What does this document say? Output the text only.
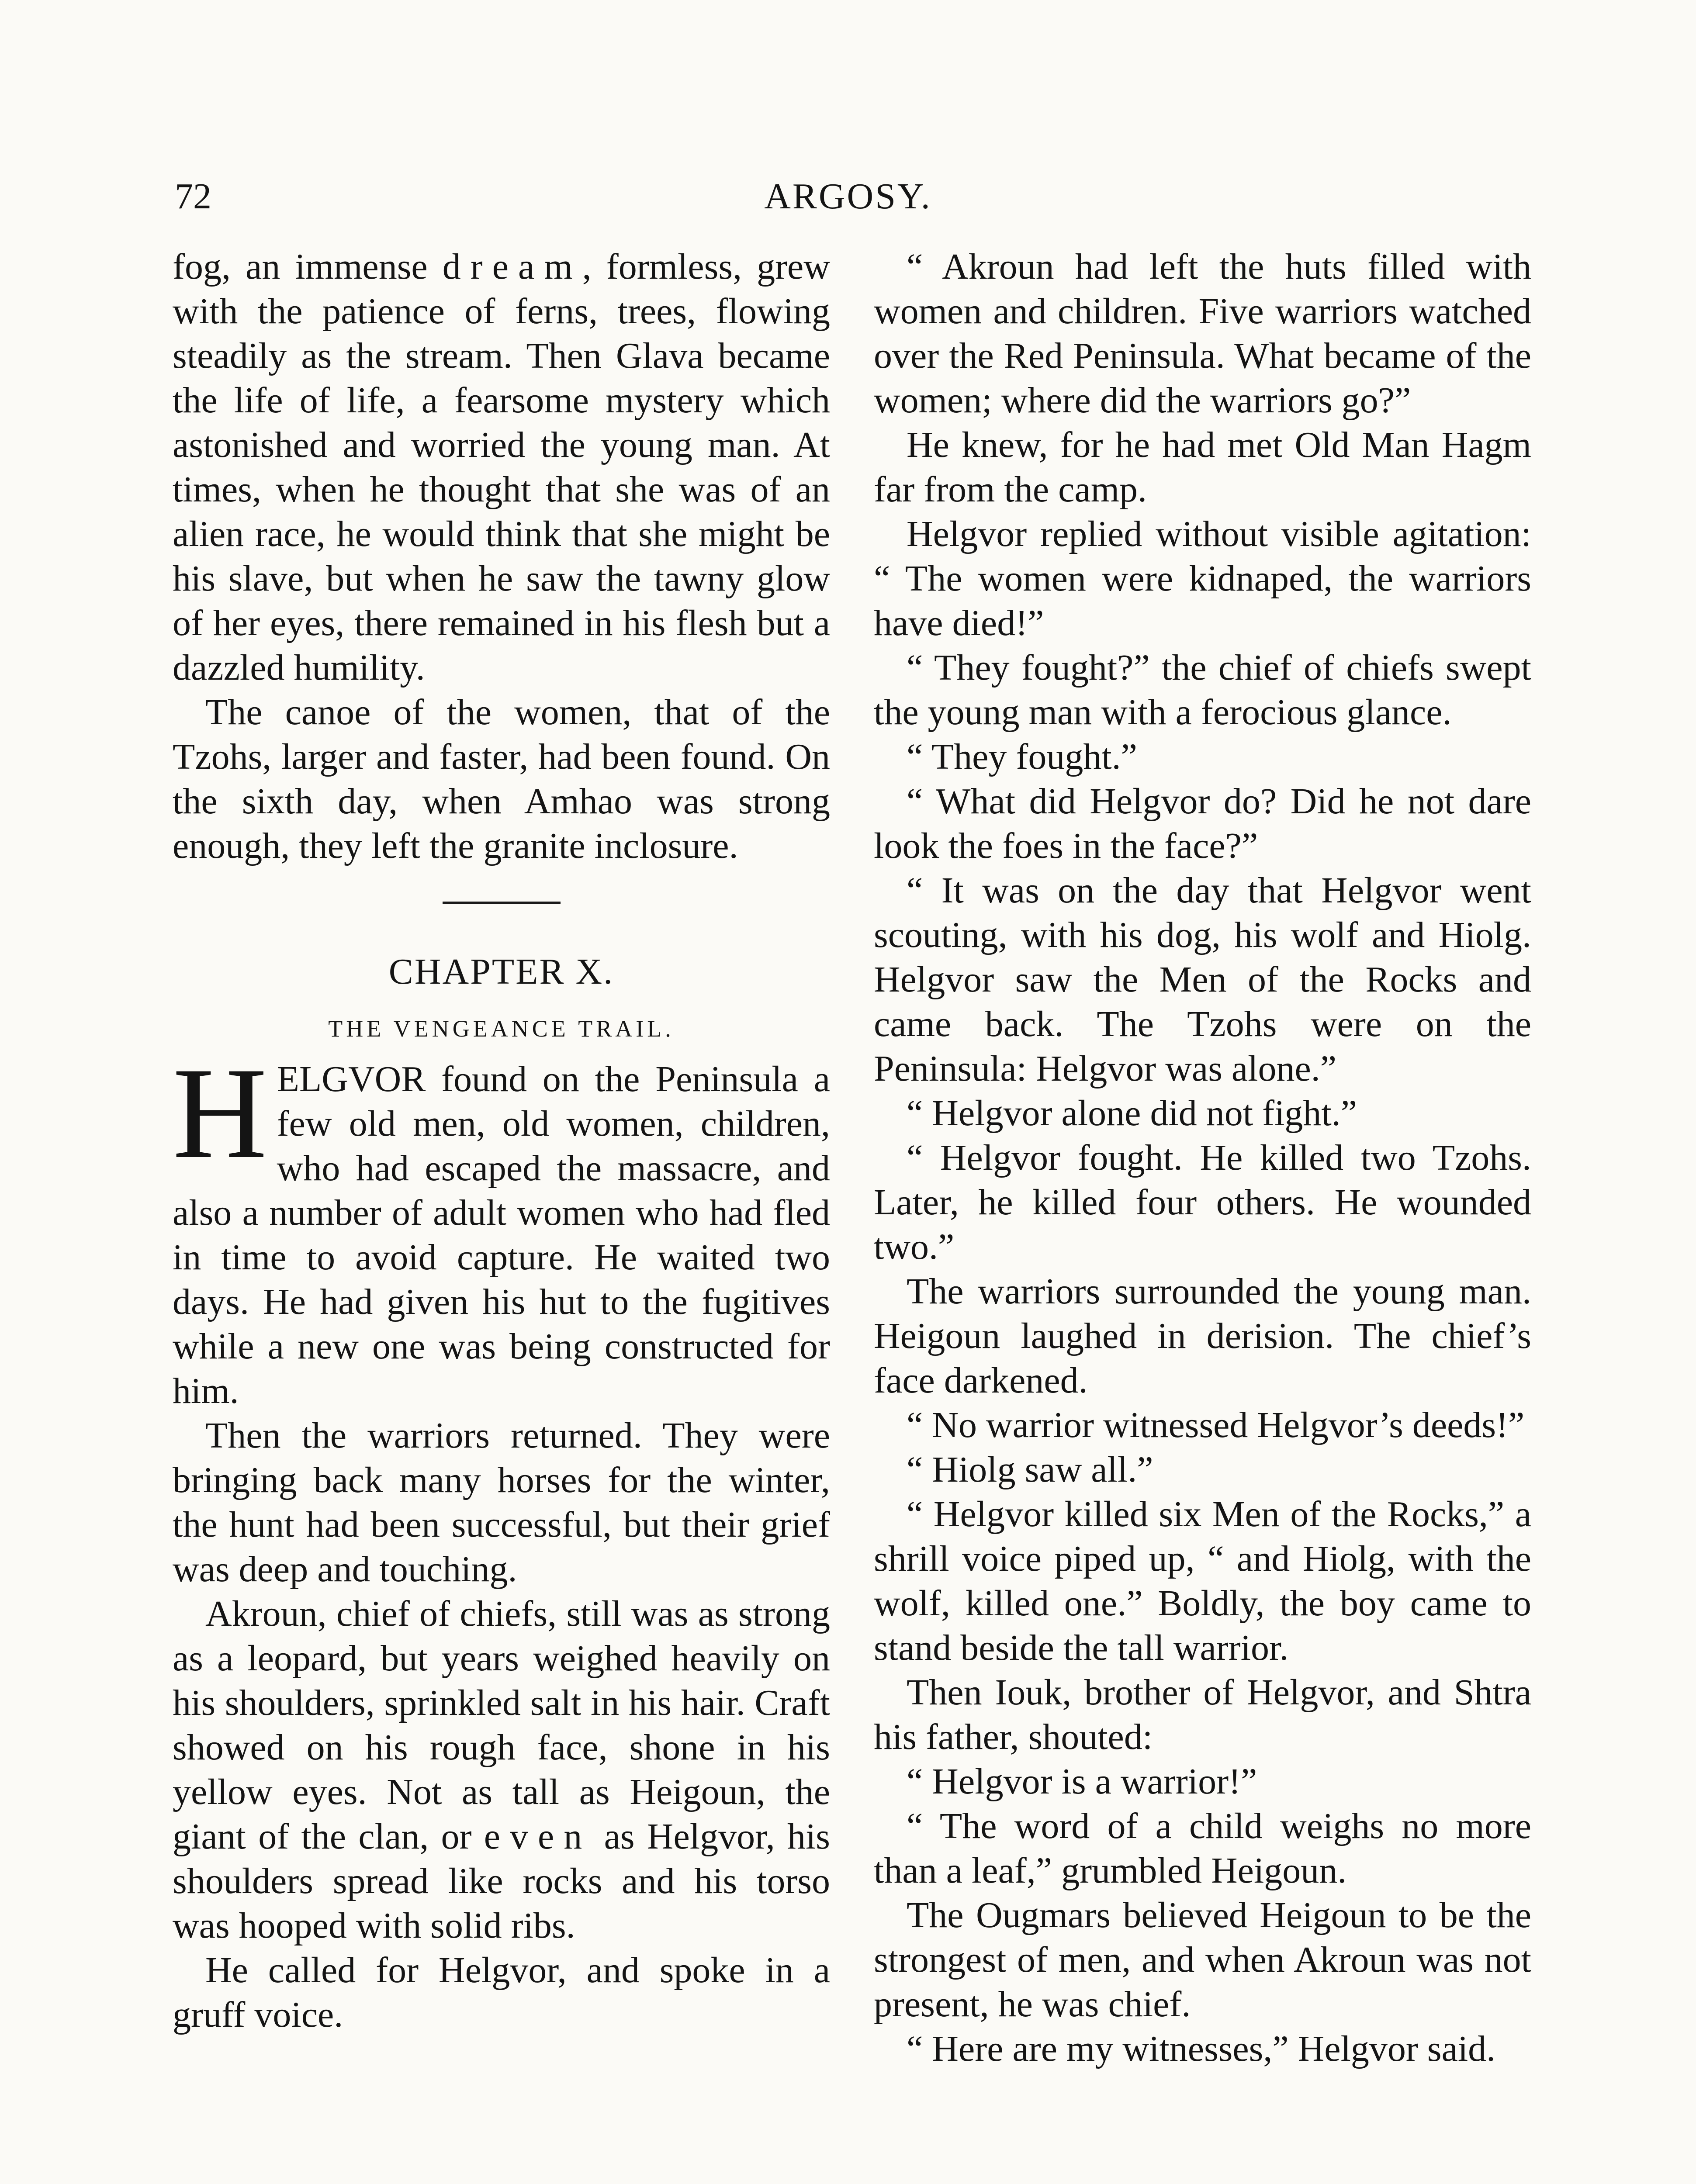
72	ARGOSY.

fog, an immense dream, formless, grew with the patience of ferns, trees, flowing steadily as the stream. Then Glava became the life of life, a fearsome mystery which astonished and worried the young man. At times, when he thought that she was of an alien race, he would think that she might be his slave, but when he saw the tawny glow of her eyes, there remained in his flesh but a dazzled humility.

The canoe of the women, that of the Tzohs, larger and faster, had been found. On the sixth day, when Amhao was strong enough, they left the granite inclosure.

CHAPTER X.
THE VENGEANCE TRAIL.

HELGVOR found on the Peninsula a few old men, old women, children, who had escaped the massacre, and also a number of adult women who had fled in time to avoid capture. He waited two days. He had given his hut to the fugitives while a new one was being constructed for him.

Then the warriors returned. They were bringing back many horses for the winter, the hunt had been successful, but their grief was deep and touching.

Akroun, chief of chiefs, still was as strong as a leopard, but years weighed heavily on his shoulders, sprinkled salt in his hair. Craft showed on his rough face, shone in his yellow eyes. Not as tall as Heigoun, the giant of the clan, or even as Helgvor, his shoulders spread like rocks and his torso was hooped with solid ribs.

He called for Helgvor, and spoke in a gruff voice.

“ Akroun had left the huts filled with women and children. Five warriors watched over the Red Peninsula. What became of the women; where did the warriors go?”

He knew, for he had met Old Man Hagm far from the camp.

Helgvor replied without visible agitation: “ The women were kidnaped, the warriors have died!”

“ They fought?” the chief of chiefs swept the young man with a ferocious glance.

“ They fought.”

“ What did Helgvor do? Did he not dare look the foes in the face?”

“ It was on the day that Helgvor went scouting, with his dog, his wolf and Hiolg. Helgvor saw the Men of the Rocks and came back. The Tzohs were on the Peninsula: Helgvor was alone.”

“ Helgvor alone did not fight.”

“ Helgvor fought. He killed two Tzohs. Later, he killed four others. He wounded two.”

The warriors surrounded the young man. Heigoun laughed in derision. The chief’s face darkened.

“ No warrior witnessed Helgvor’s deeds!”

“ Hiolg saw all.”

“ Helgvor killed six Men of the Rocks,” a shrill voice piped up, “ and Hiolg, with the wolf, killed one.” Boldly, the boy came to stand beside the tall warrior.

Then Iouk, brother of Helgvor, and Shtra his father, shouted:

“ Helgvor is a warrior!”

“ The word of a child weighs no more than a leaf,” grumbled Heigoun.

The Ougmars believed Heigoun to be the strongest of men, and when Akroun was not present, he was chief.

“ Here are my witnesses,” Helgvor said.
